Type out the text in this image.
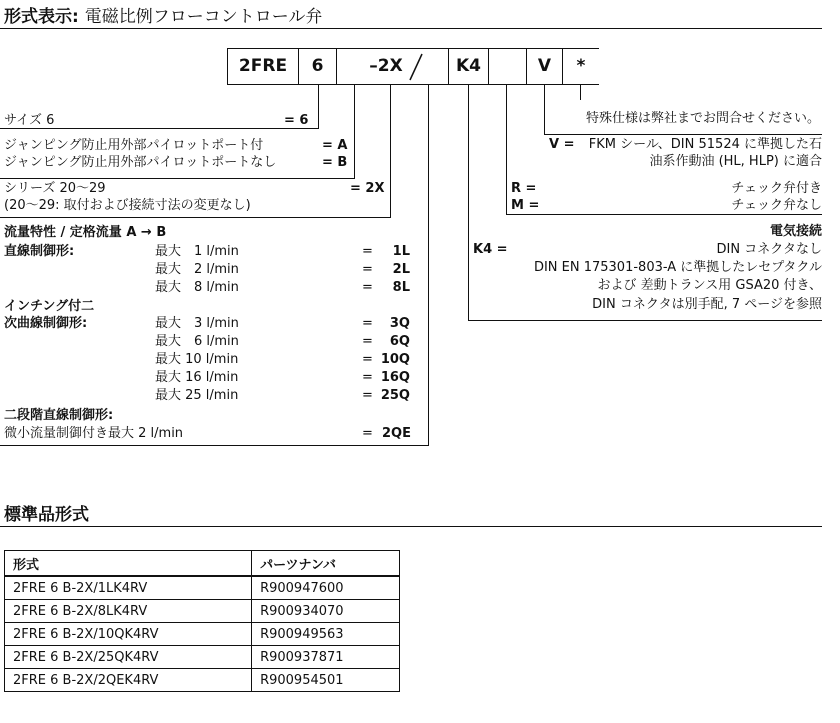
形式表示: 電磁比例フローコントロール弁
2FRE	6	–2X	K4	V	*
サイズ 6	= 6
ジャンピング防止用外部パイロットポート付	= A
ジャンピング防止用外部パイロットポートなし	= B
シリーズ 20～29	= 2X
(20～29: 取付および接続寸法の変更なし)
流量特性 / 定格流量 A → B
直線制御形:	最大　1 l/min	=	1L
最大　2 l/min	=	2L
最大　8 l/min	=	8L
インチング付二
次曲線制御形:	最大　3 l/min	=	3Q
最大　6 l/min	=	6Q
最大 10 l/min	= 10Q
最大 16 l/min	= 16Q
最大 25 l/min	= 25Q
二段階直線制御形:
微小流量制御付き最大 2 l/min	= 2QE
特殊仕様は弊社までお問合せください。
V = FKM シール、DIN 51524 に準拠した石
油系作動油 (HL, HLP) に適合
R =	チェック弁付き
M =	チェック弁なし
電気接続
K4 =	DIN コネクタなし
DIN EN 175301-803-A に準拠したレセプタクル
および 差動トランス用 GSA20 付き、
DIN コネクタは別手配, 7 ページを参照
標準品形式
形式	パーツナンバ
2FRE 6 B-2X/1LK4RV	R900947600
2FRE 6 B-2X/8LK4RV	R900934070
2FRE 6 B-2X/10QK4RV	R900949563
2FRE 6 B-2X/25QK4RV	R900937871
2FRE 6 B-2X/2QEK4RV	R900954501
